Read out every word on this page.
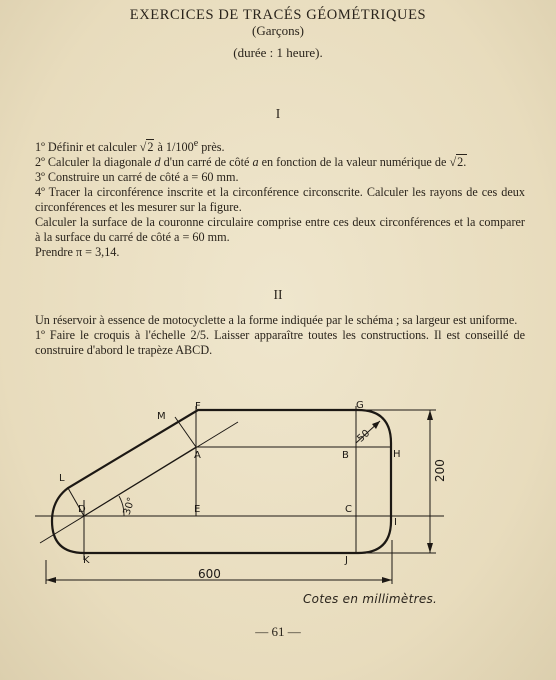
EXERCICES DE TRACÉS GÉOMÉTRIQUES
(Garçons)
(durée : 1 heure).
I

1º Définir et calculer √2 à 1/100e près.

2º Calculer la diagonale d d'un carré de côté a en fonction de la valeur numérique de √2.

3º Construire un carré de côté a = 60 mm.

4º Tracer la circonférence inscrite et la circonférence circonscrite. Calculer les rayons de ces deux circonférences et les mesurer sur la figure.

Calculer la surface de la couronne circulaire comprise entre ces deux circonférences et la comparer à la surface du carré de côté a = 60 mm.

Prendre π = 3,14.

II

Un réservoir à essence de motocyclette a la forme indiquée par le schéma ; sa largeur est uniforme.

1º Faire le croquis à l'échelle 2/5. Laisser apparaître toutes les constructions. Il est conseillé de construire d'abord le trapèze ABCD.

M
F	G
A	B	H
L
D	E	C
I
K	J
50
30°
600
200
Cotes en millimètres.
— 61 —
